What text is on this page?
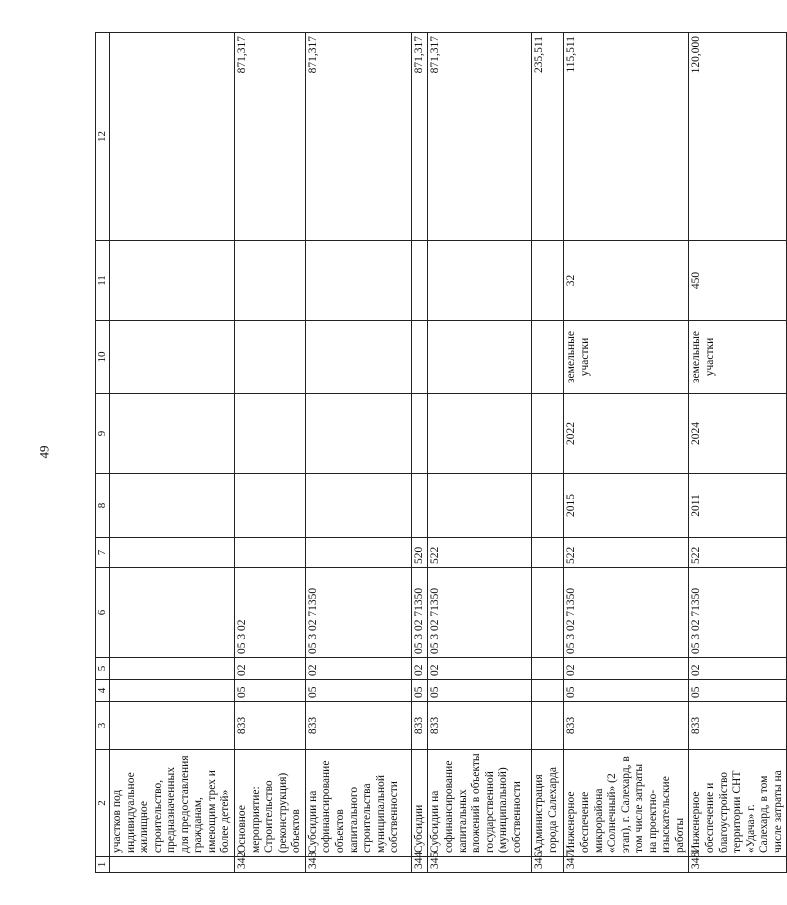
49
1	2	3	4	5	6	7	8	9	10	11	12
	участков под индивидуальное жилищное строительство, предназначенных для предоставления гражданам, имеющим трех и более детей»										
342	Основное мероприятие: Строительство (реконструкция) объектов	833	05	02	05 3 02						871,317
343	Субсидии на софинансирование объектов капитального строительства муниципальной собственности	833	05	02	05 3 02 71350						871,317
344	Субсидии	833	05	02	05 3 02 71350	520					871,317
345	Субсидии на софинансирование капитальных вложений в объекты государственной (муниципальной) собственности	833	05	02	05 3 02 71350	522					871,317
346	Администрация города Салехарда										235,511
347	Инженерное обеспечение микрорайона «Солнечный» (2 этап), г. Салехард, в том числе затраты на проектно-изыскательские работы	833	05	02	05 3 02 71350	522	2015	2022	земельные участки	32	115,511
348	Инженерное обеспечение и благоустройство территории СНТ «Удача» г. Салехард, в том числе затраты на	833	05	02	05 3 02 71350	522	2011	2024	земельные участки	450	120,000
